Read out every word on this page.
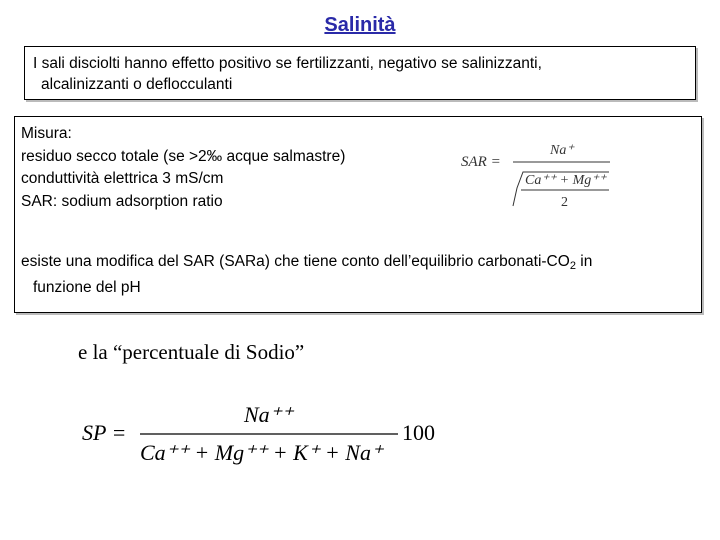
Salinità
I sali disciolti hanno effetto positivo se fertilizzanti, negativo se salinizzanti,
alcalinizzanti o deflocculanti
Misura:
residuo secco totale (se >2‰ acque salmastre)
conduttività elettrica 3 mS/cm
SAR: sodium adsorption ratio
esiste una modifica del SAR (SARa) che tiene conto dell’equilibrio carbonati-CO2 in
funzione del pH
SAR =
Na⁺
Ca⁺⁺ + Mg⁺⁺
2
e la “percentuale di Sodio”
SP =
Na⁺⁺
Ca⁺⁺ + Mg⁺⁺ + K⁺ + Na⁺
100
